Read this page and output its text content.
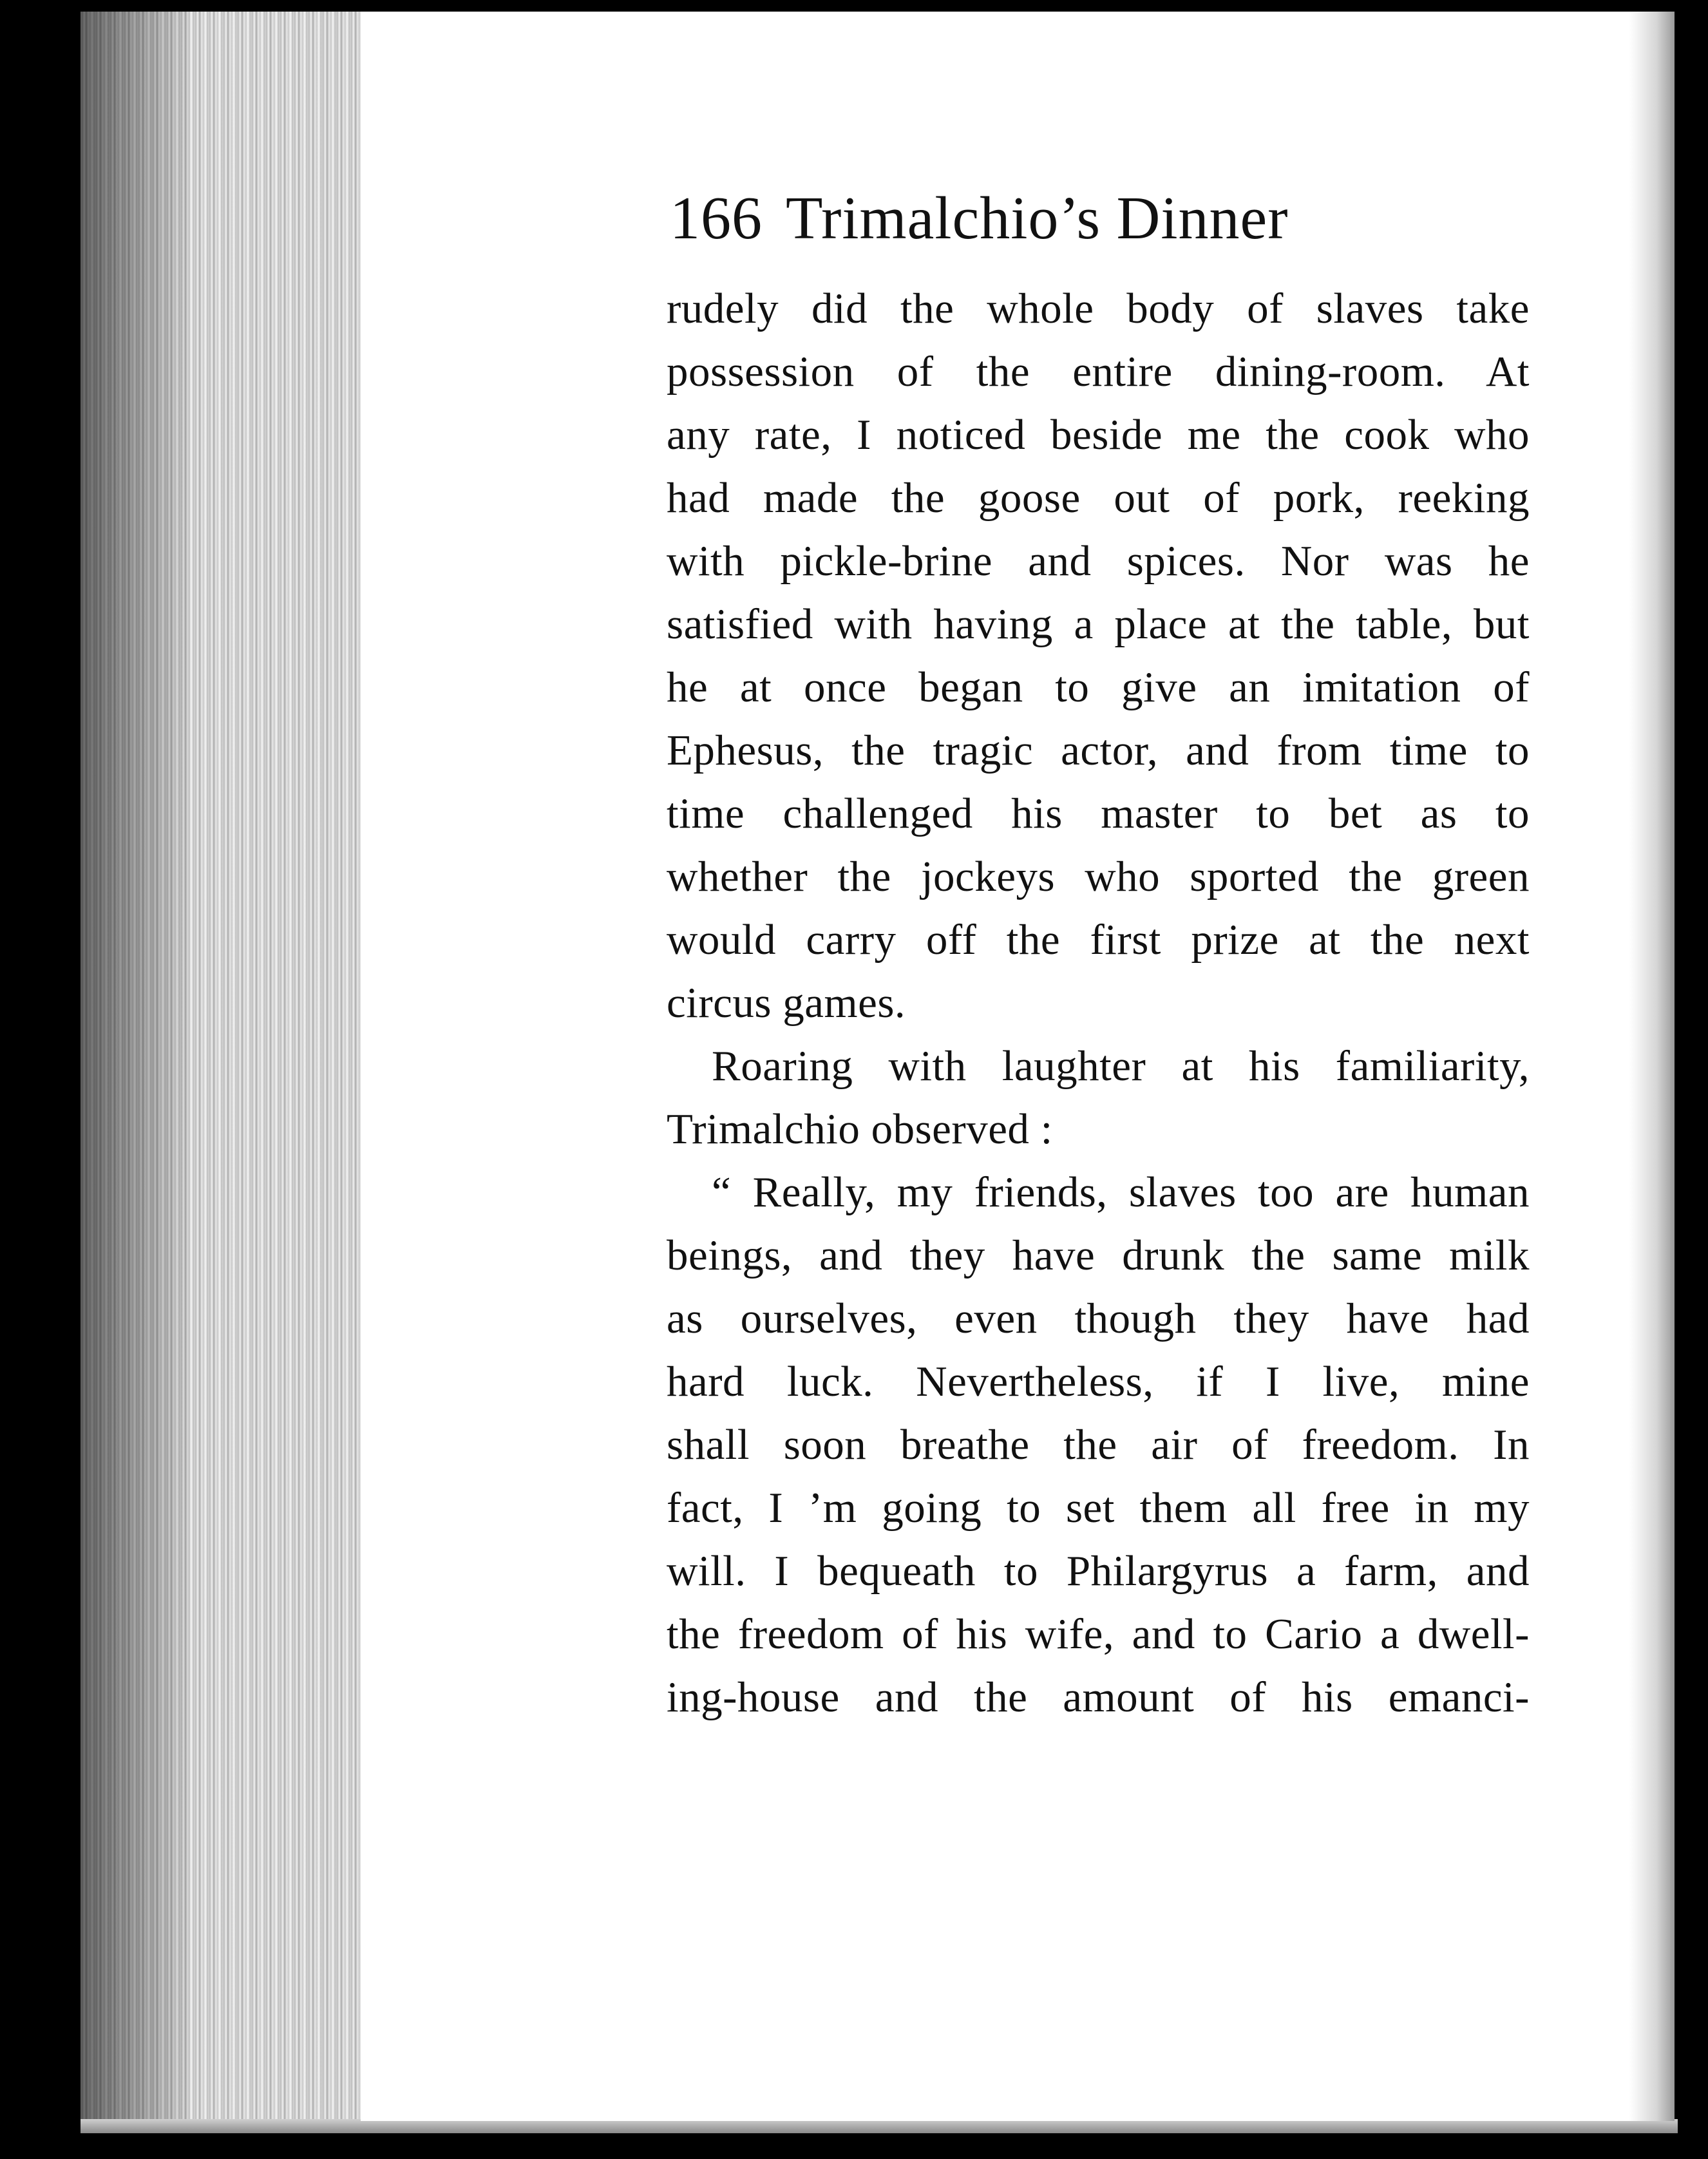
166 Trimalchio’s Dinner
rudely did the whole body of slaves take
possession of the entire dining-room. At
any rate, I noticed beside me the cook who
had made the goose out of pork, reeking
with pickle-brine and spices. Nor was he
satisfied with having a place at the table, but
he at once began to give an imitation of
Ephesus, the tragic actor, and from time to
time challenged his master to bet as to
whether the jockeys who sported the green
would carry off the first prize at the next
circus games.
Roaring with laughter at his familiarity,
Trimalchio observed :
“ Really, my friends, slaves too are human
beings, and they have drunk the same milk
as ourselves, even though they have had
hard luck. Nevertheless, if I live, mine
shall soon breathe the air of freedom. In
fact, I ’m going to set them all free in my
will. I bequeath to Philargyrus a farm, and
the freedom of his wife, and to Cario a dwell-
ing-house and the amount of his emanci-
